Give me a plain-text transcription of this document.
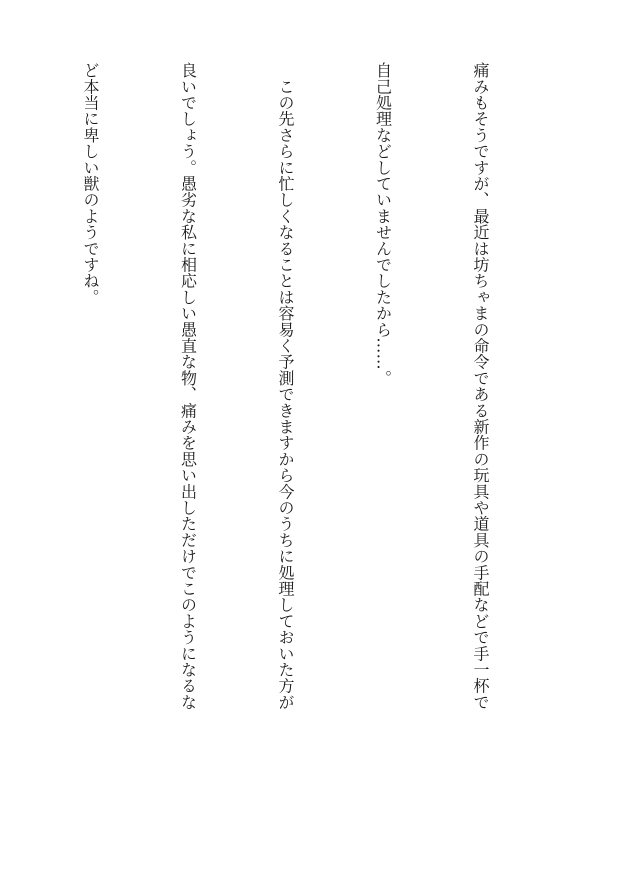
痛みもそうですが、最近は坊ちゃまの命令である新作の玩具や道具の手配などで手一杯で

自己処理などしていませんでしたから……。

　この先さらに忙しくなることは容易く予測できますから今のうちに処理しておいた方が

良いでしょう。愚劣な私に相応しい愚直な物、痛みを思い出しただけでこのようになるな

ど本当に卑しい獣のようですね。
